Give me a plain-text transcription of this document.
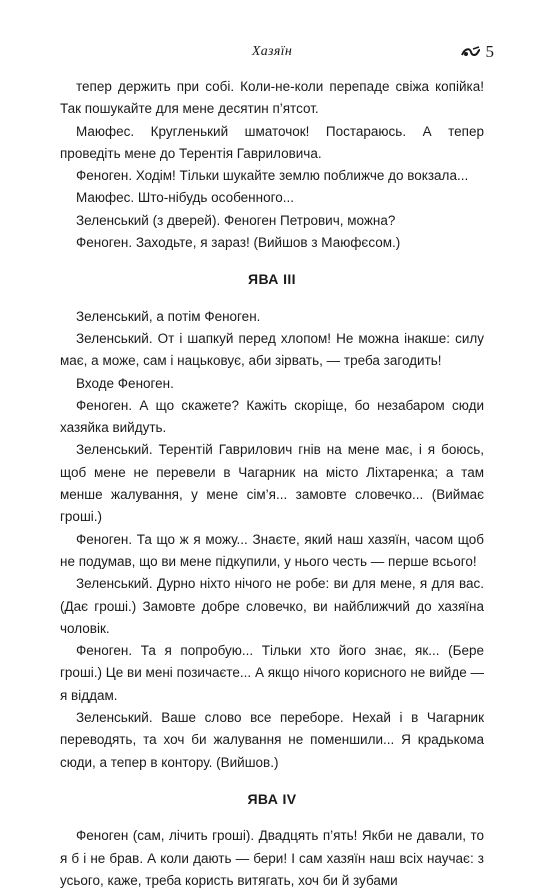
Хазяїн	5

тепер держить при собі. Коли-не-коли перепаде свіжа копійка! Так пошукайте для мене десятин п’ятсот.

Маюфес. Кругленький шматочок! Постараюсь. А тепер проведіть мене до Терентія Гавриловича.

Феноген. Ходім! Тільки шукайте землю поближче до вокзала...

Маюфес. Што-нібудь особенного...

Зеленський (з дверей). Феноген Петрович, можна?

Феноген. Заходьте, я зараз! (Вийшов з Маюфєсом.)

ЯВА ІІІ

Зеленський, а потім Феноген.

Зеленський. От і шапкуй перед хлопом! Не можна інакше: силу має, а може, сам і нацьковує, аби зірвать, — треба загодить!

Входе Феноген.

Феноген. А що скажете? Кажіть скоріще, бо незабаром сюди хазяйка вийдуть.

Зеленський. Терентій Гаврилович гнів на мене має, і я боюсь, щоб мене не перевели в Чагарник на місто Ліхтаренка; а там менше жалування, у мене сім’я... замовте словечко... (Виймає гроші.)

Феноген. Та що ж я можу... Знаєте, який наш хазяїн, часом щоб не подумав, що ви мене підкупили, у нього честь — перше всього!

Зеленський. Дурно ніхто нічого не робе: ви для мене, я для вас. (Дає гроші.) Замовте добре словечко, ви найближчий до хазяїна чоловік.

Феноген. Та я попробую... Тільки хто його знає, як... (Бере гроші.) Це ви мені позичаєте... А якщо нічого корисного не вийде — я віддам.

Зеленський. Ваше слово все переборе. Нехай і в Чагарник переводять, та хоч би жалування не поменшили... Я крадькома сюди, а тепер в контору. (Вийшов.)

ЯВА IV

Феноген (сам, лічить гроші). Двадцять п’ять! Якби не давали, то я б і не брав. А коли дають — бери! І сам хазяїн наш всіх научає: з усього, каже, треба користь витягать, хоч би й зубами
